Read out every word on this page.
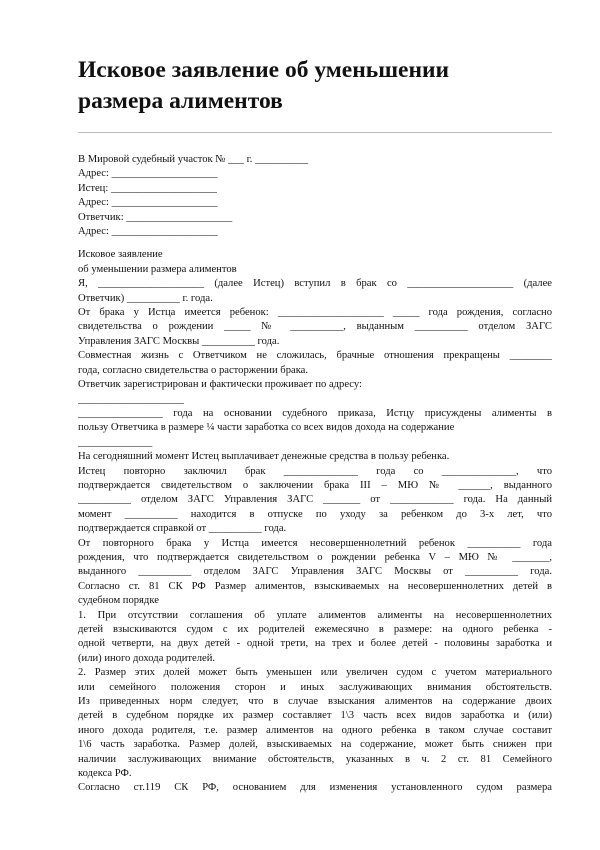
Исковое заявление об уменьшении
размера алиментов
В Мировой судебный участок № ___ г. __________
Адрес: ____________________
Истец: ____________________
Адрес: ____________________
Ответчик: ____________________
Адрес: ____________________
Исковое заявление
об уменьшении размера алиментов
Я, ____________________ (далее Истец) вступил в брак со ____________________ (далее
Ответчик) __________ г. года.
От брака у Истца имеется ребенок: ____________________ _____ года рождения, согласно
свидетельства о рождении _____ № __________, выданным __________ отделом ЗАГС
Управления ЗАГС Москвы __________ года.
Совместная жизнь с Ответчиком не сложилась, брачные отношения прекращены ________
года, согласно свидетельства о расторжении брака.
Ответчик зарегистрирован и фактически проживает по адресу:
____________________
________________ года на основании судебного приказа, Истцу присуждены алименты в
пользу Ответчика в размере ¼ части заработка со всех видов дохода на содержание
______________
На сегодняшний момент Истец выплачивает денежные средства в пользу ребенка.
Истец повторно заключил брак ______________ года со ______________, что
подтверждается свидетельством о заключении брака III – МЮ № ______, выданного
__________ отделом ЗАГС Управления ЗАГС _______ от ____________ года. На данный
момент __________ находится в отпуске по уходу за ребенком до 3-х лет, что
подтверждается справкой от __________ года.
От повторного брака у Истца имеется несовершеннолетний ребенок __________ года
рождения, что подтверждается свидетельством о рождении ребенка V – МЮ № _______,
выданного __________ отделом ЗАГС Управления ЗАГС Москвы от __________ года.
Согласно ст. 81 СК РФ Размер алиментов, взыскиваемых на несовершеннолетних детей в
судебном порядке
1. При отсутствии соглашения об уплате алиментов алименты на несовершеннолетних
детей взыскиваются судом с их родителей ежемесячно в размере: на одного ребенка -
одной четверти, на двух детей - одной трети, на трех и более детей - половины заработка и
(или) иного дохода родителей.
2. Размер этих долей может быть уменьшен или увеличен судом с учетом материального
или семейного положения сторон и иных заслуживающих внимания обстоятельств.
Из приведенных норм следует, что в случае взыскания алиментов на содержание двоих
детей в судебном порядке их размер составляет 1\3 часть всех видов заработка и (или)
иного дохода родителя, т.е. размер алиментов на одного ребенка в таком случае составит
1\6 часть заработка. Размер долей, взыскиваемых на содержание, может быть снижен при
наличии заслуживающих внимание обстоятельств, указанных в ч. 2 ст. 81 Семейного
кодекса РФ.
Согласно ст.119 СК РФ, основанием для изменения установленного судом размера
